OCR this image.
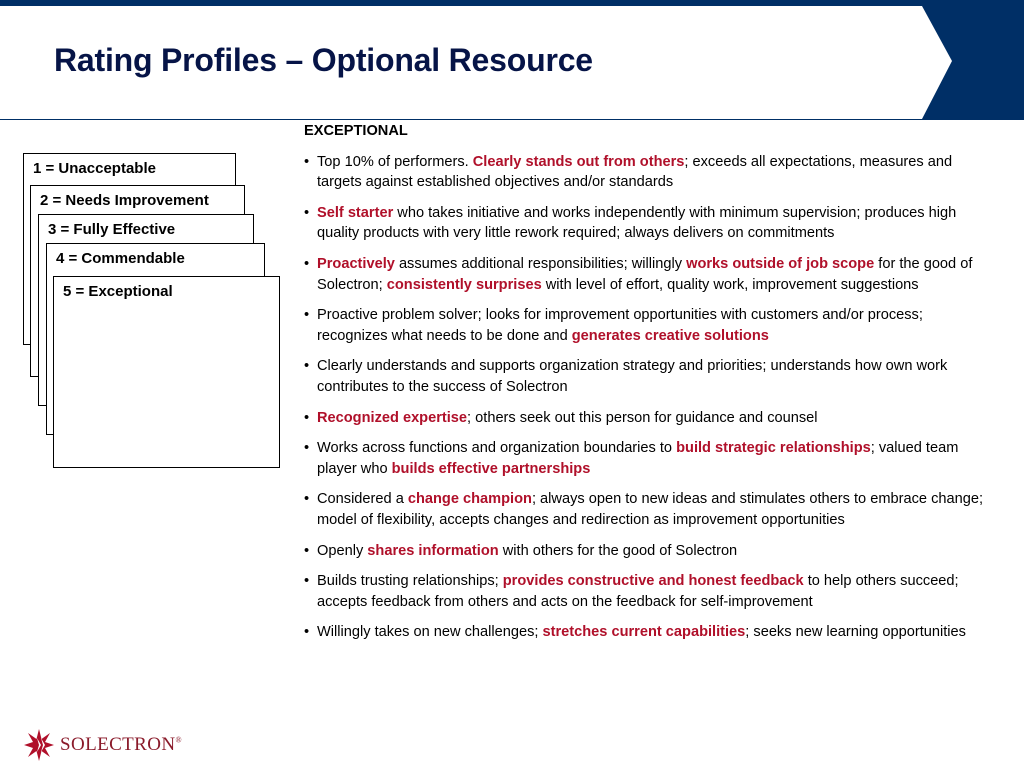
Rating Profiles – Optional Resource
1 = Unacceptable
2 = Needs Improvement
3 = Fully Effective
4 = Commendable
5 = Exceptional
EXCEPTIONAL
• Top 10% of performers. Clearly stands out from others; exceeds all expectations, measures and targets against established objectives and/or standards
• Self starter who takes initiative and works independently with minimum supervision; produces high quality products with very little rework required; always delivers on commitments
• Proactively assumes additional responsibilities; willingly works outside of job scope for the good of Solectron; consistently surprises with level of effort, quality work, improvement suggestions
• Proactive problem solver; looks for improvement opportunities with customers and/or process; recognizes what needs to be done and generates creative solutions
• Clearly understands and supports organization strategy and priorities; understands how own work contributes to the success of Solectron
• Recognized expertise; others seek out this person for guidance and counsel
• Works across functions and organization boundaries to build strategic relationships; valued team player who builds effective partnerships
• Considered a change champion; always open to new ideas and stimulates others to embrace change; model of flexibility, accepts changes and redirection as improvement opportunities
• Openly shares information with others for the good of Solectron
• Builds trusting relationships; provides constructive and honest feedback to help others succeed; accepts feedback from others and acts on the feedback for self-improvement
• Willingly takes on new challenges; stretches current capabilities; seeks new learning opportunities
SOLECTRON®
